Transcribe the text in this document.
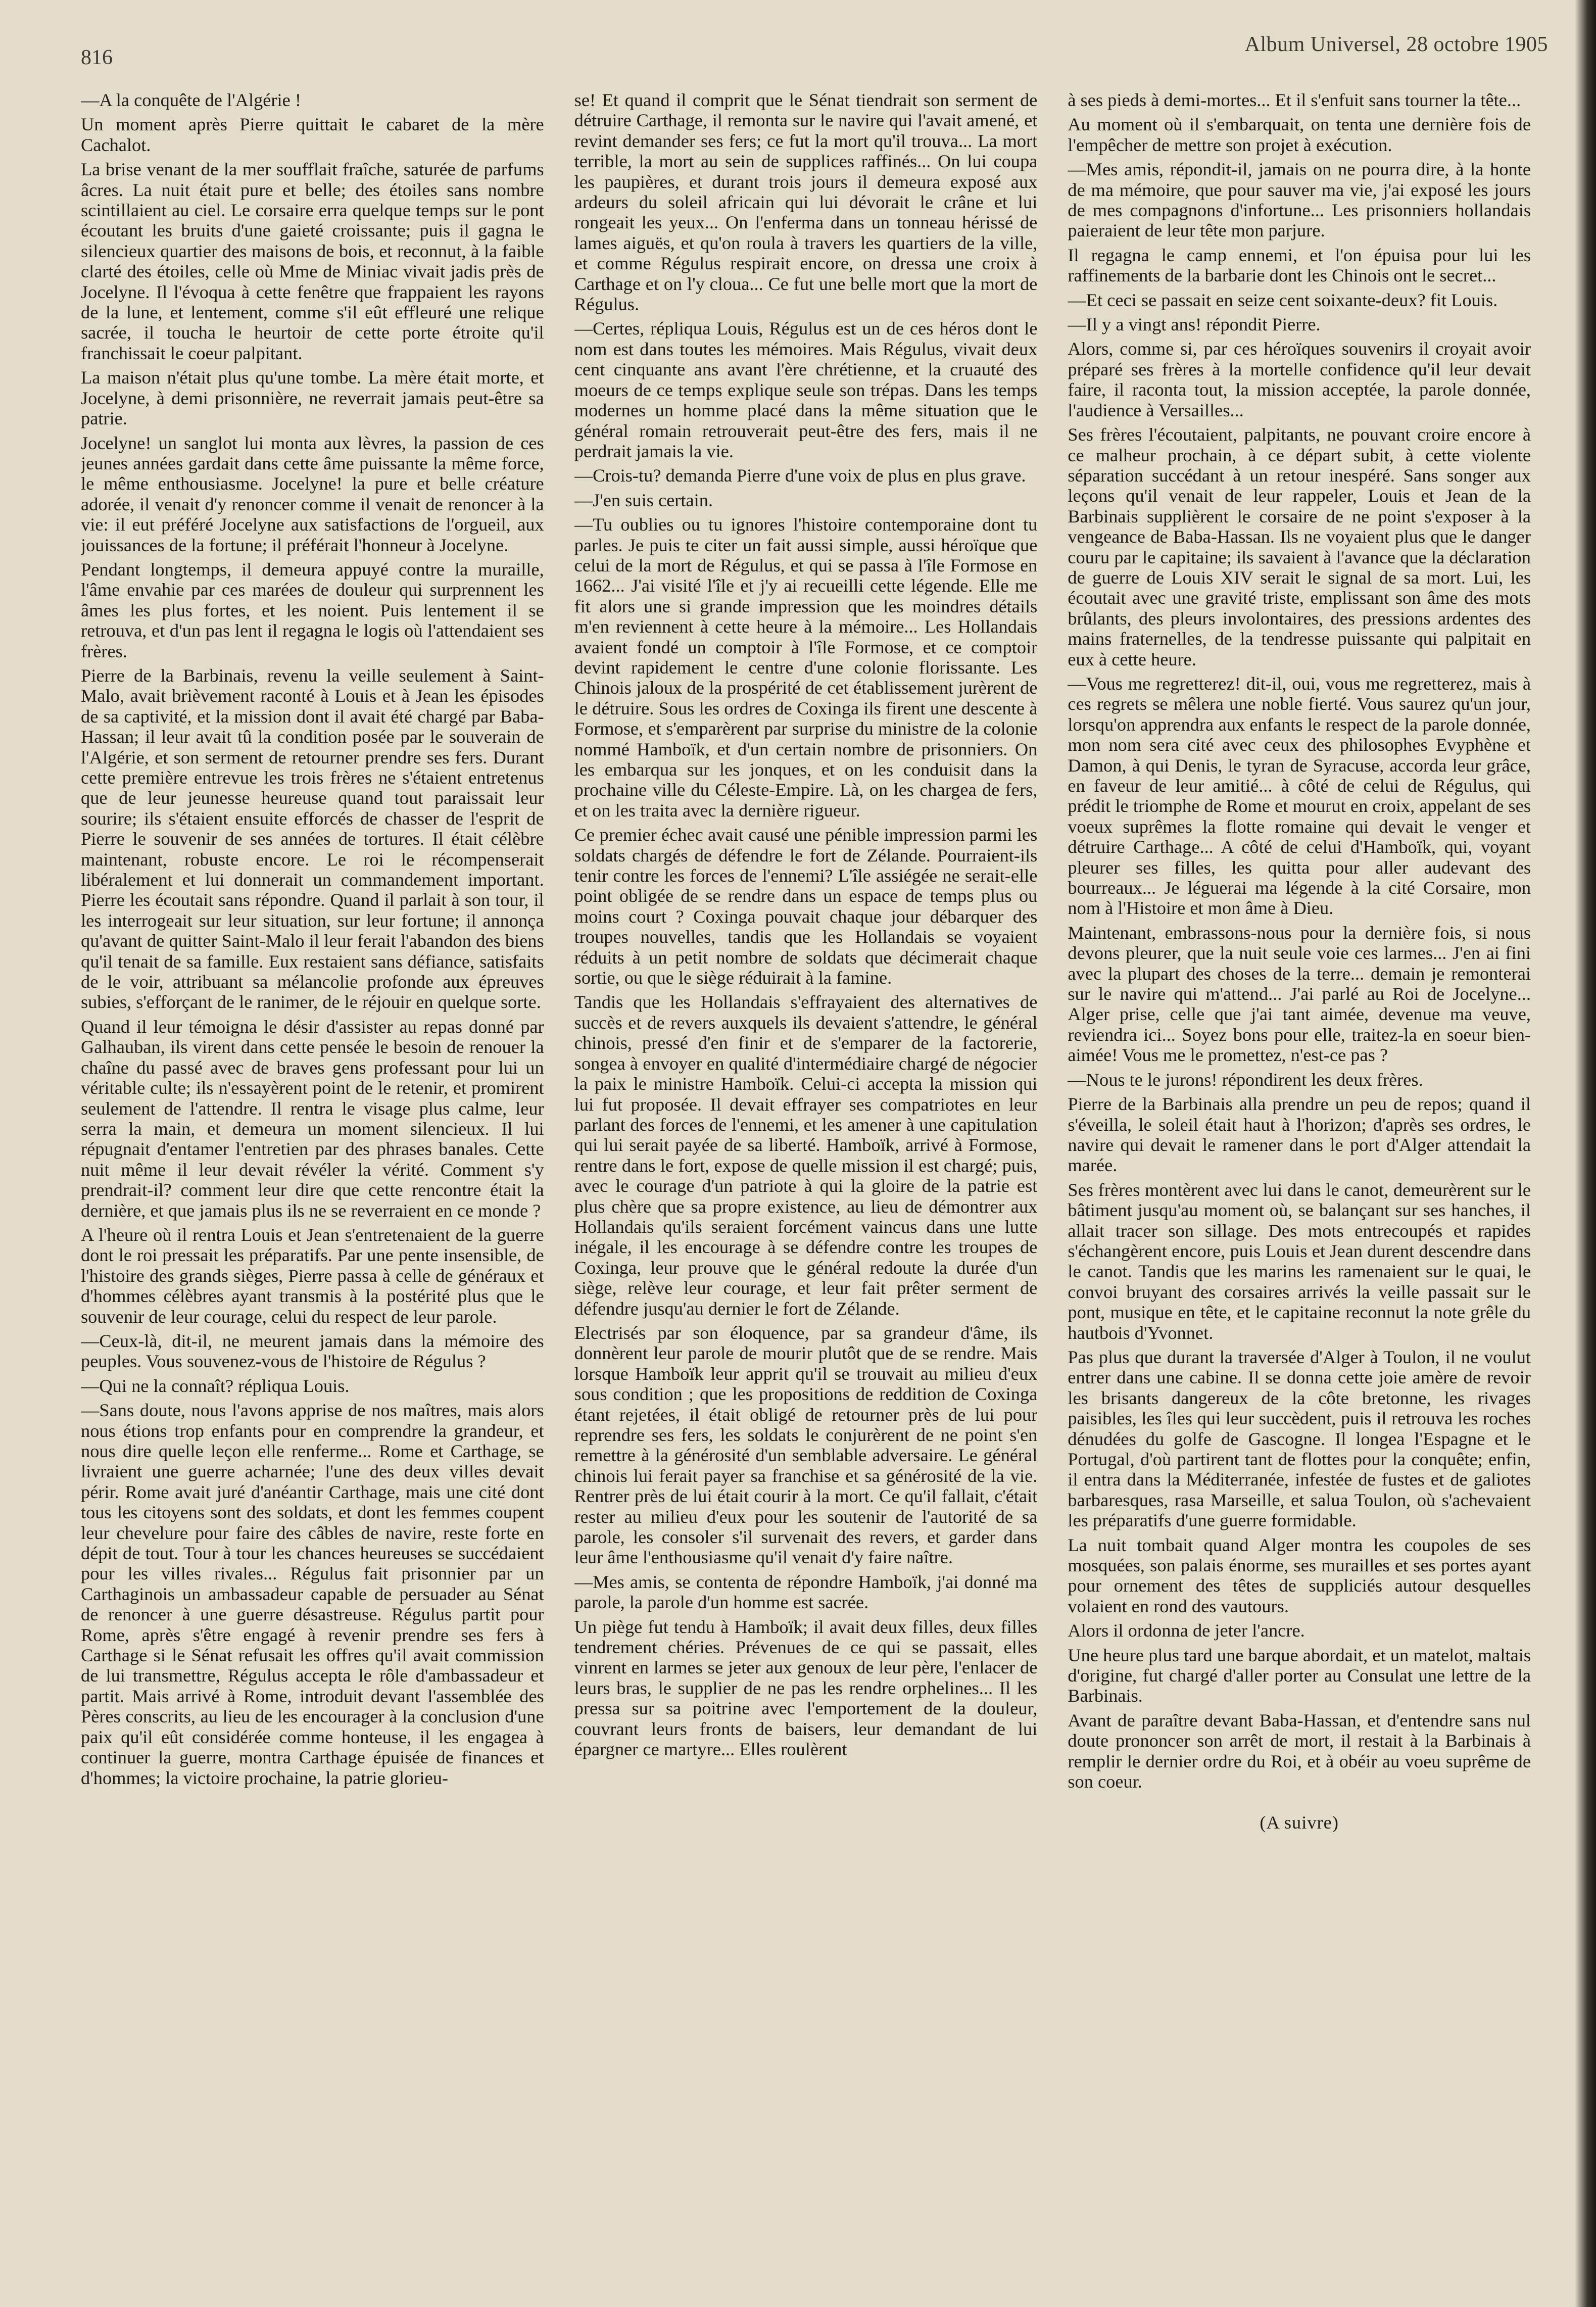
816
Album Universel, 28 octobre 1905

—A la conquête de l'Algérie !

Un moment après Pierre quittait le cabaret de la mère Cachalot.

La brise venant de la mer soufflait fraîche, saturée de parfums âcres. La nuit était pure et belle; des étoiles sans nombre scintillaient au ciel. Le corsaire erra quelque temps sur le pont écoutant les bruits d'une gaieté croissante; puis il gagna le silencieux quartier des maisons de bois, et reconnut, à la faible clarté des étoiles, celle où Mme de Miniac vivait jadis près de Jocelyne. Il l'évoqua à cette fenêtre que frappaient les rayons de la lune, et lentement, comme s'il eût effleuré une relique sacrée, il toucha le heurtoir de cette porte étroite qu'il franchissait le coeur palpitant.

La maison n'était plus qu'une tombe. La mère était morte, et Jocelyne, à demi prisonnière, ne reverrait jamais peut-être sa patrie.

Jocelyne! un sanglot lui monta aux lèvres, la passion de ces jeunes années gardait dans cette âme puissante la même force, le même enthousiasme. Jocelyne! la pure et belle créature adorée, il venait d'y renoncer comme il venait de renoncer à la vie: il eut préféré Jocelyne aux satisfactions de l'orgueil, aux jouissances de la fortune; il préférait l'honneur à Jocelyne.

Pendant longtemps, il demeura appuyé contre la muraille, l'âme envahie par ces marées de douleur qui surprennent les âmes les plus fortes, et les noient. Puis lentement il se retrouva, et d'un pas lent il regagna le logis où l'attendaient ses frères.

Pierre de la Barbinais, revenu la veille seulement à Saint-Malo, avait brièvement raconté à Louis et à Jean les épisodes de sa captivité, et la mission dont il avait été chargé par Baba-Hassan; il leur avait tû la condition posée par le souverain de l'Algérie, et son serment de retourner prendre ses fers. Durant cette première entrevue les trois frères ne s'étaient entretenus que de leur jeunesse heureuse quand tout paraissait leur sourire; ils s'étaient ensuite efforcés de chasser de l'esprit de Pierre le souvenir de ses années de tortures. Il était célèbre maintenant, robuste encore. Le roi le récompenserait libéralement et lui donnerait un commandement important. Pierre les écoutait sans répondre. Quand il parlait à son tour, il les interrogeait sur leur situation, sur leur fortune; il annonça qu'avant de quitter Saint-Malo il leur ferait l'abandon des biens qu'il tenait de sa famille. Eux restaient sans défiance, satisfaits de le voir, attribuant sa mélancolie profonde aux épreuves subies, s'efforçant de le ranimer, de le réjouir en quelque sorte.

Quand il leur témoigna le désir d'assister au repas donné par Galhauban, ils virent dans cette pensée le besoin de renouer la chaîne du passé avec de braves gens professant pour lui un véritable culte; ils n'essayèrent point de le retenir, et promirent seulement de l'attendre. Il rentra le visage plus calme, leur serra la main, et demeura un moment silencieux. Il lui répugnait d'entamer l'entretien par des phrases banales. Cette nuit même il leur devait révéler la vérité. Comment s'y prendrait-il? comment leur dire que cette rencontre était la dernière, et que jamais plus ils ne se reverraient en ce monde ?

A l'heure où il rentra Louis et Jean s'entretenaient de la guerre dont le roi pressait les préparatifs. Par une pente insensible, de l'histoire des grands sièges, Pierre passa à celle de généraux et d'hommes célèbres ayant transmis à la postérité plus que le souvenir de leur courage, celui du respect de leur parole.

—Ceux-là, dit-il, ne meurent jamais dans la mémoire des peuples. Vous souvenez-vous de l'histoire de Régulus ?

—Qui ne la connaît? répliqua Louis.

—Sans doute, nous l'avons apprise de nos maîtres, mais alors nous étions trop enfants pour en comprendre la grandeur, et nous dire quelle leçon elle renferme... Rome et Carthage, se livraient une guerre acharnée; l'une des deux villes devait périr. Rome avait juré d'anéantir Carthage, mais une cité dont tous les citoyens sont des soldats, et dont les femmes coupent leur chevelure pour faire des câbles de navire, reste forte en dépit de tout. Tour à tour les chances heureuses se succédaient pour les villes rivales... Régulus fait prisonnier par un Carthaginois un ambassadeur capable de persuader au Sénat de renoncer à une guerre désastreuse. Régulus partit pour Rome, après s'être engagé à revenir prendre ses fers à Carthage si le Sénat refusait les offres qu'il avait commission de lui transmettre, Régulus accepta le rôle d'ambassadeur et partit. Mais arrivé à Rome, introduit devant l'assemblée des Pères conscrits, au lieu de les encourager à la conclusion d'une paix qu'il eût considérée comme honteuse, il les engagea à continuer la guerre, montra Carthage épuisée de finances et d'hommes; la victoire prochaine, la patrie glorieu-

se! Et quand il comprit que le Sénat tiendrait son serment de détruire Carthage, il remonta sur le navire qui l'avait amené, et revint demander ses fers; ce fut la mort qu'il trouva... La mort terrible, la mort au sein de supplices raffinés... On lui coupa les paupières, et durant trois jours il demeura exposé aux ardeurs du soleil africain qui lui dévorait le crâne et lui rongeait les yeux... On l'enferma dans un tonneau hérissé de lames aiguës, et qu'on roula à travers les quartiers de la ville, et comme Régulus respirait encore, on dressa une croix à Carthage et on l'y cloua... Ce fut une belle mort que la mort de Régulus.

—Certes, répliqua Louis, Régulus est un de ces héros dont le nom est dans toutes les mémoires. Mais Régulus, vivait deux cent cinquante ans avant l'ère chrétienne, et la cruauté des moeurs de ce temps explique seule son trépas. Dans les temps modernes un homme placé dans la même situation que le général romain retrouverait peut-être des fers, mais il ne perdrait jamais la vie.

—Crois-tu? demanda Pierre d'une voix de plus en plus grave.

—J'en suis certain.

—Tu oublies ou tu ignores l'histoire contemporaine dont tu parles. Je puis te citer un fait aussi simple, aussi héroïque que celui de la mort de Régulus, et qui se passa à l'île Formose en 1662... J'ai visité l'île et j'y ai recueilli cette légende. Elle me fit alors une si grande impression que les moindres détails m'en reviennent à cette heure à la mémoire... Les Hollandais avaient fondé un comptoir à l'île Formose, et ce comptoir devint rapidement le centre d'une colonie florissante. Les Chinois jaloux de la prospérité de cet établissement jurèrent de le détruire. Sous les ordres de Coxinga ils firent une descente à Formose, et s'emparèrent par surprise du ministre de la colonie nommé Hamboïk, et d'un certain nombre de prisonniers. On les embarqua sur les jonques, et on les conduisit dans la prochaine ville du Céleste-Empire. Là, on les chargea de fers, et on les traita avec la dernière rigueur.

Ce premier échec avait causé une pénible impression parmi les soldats chargés de défendre le fort de Zélande. Pourraient-ils tenir contre les forces de l'ennemi? L'île assiégée ne serait-elle point obligée de se rendre dans un espace de temps plus ou moins court ? Coxinga pouvait chaque jour débarquer des troupes nouvelles, tandis que les Hollandais se voyaient réduits à un petit nombre de soldats que décimerait chaque sortie, ou que le siège réduirait à la famine.

Tandis que les Hollandais s'effrayaient des alternatives de succès et de revers auxquels ils devaient s'attendre, le général chinois, pressé d'en finir et de s'emparer de la factorerie, songea à envoyer en qualité d'intermédiaire chargé de négocier la paix le ministre Hamboïk. Celui-ci accepta la mission qui lui fut proposée. Il devait effrayer ses compatriotes en leur parlant des forces de l'ennemi, et les amener à une capitulation qui lui serait payée de sa liberté. Hamboïk, arrivé à Formose, rentre dans le fort, expose de quelle mission il est chargé; puis, avec le courage d'un patriote à qui la gloire de la patrie est plus chère que sa propre existence, au lieu de démontrer aux Hollandais qu'ils seraient forcément vaincus dans une lutte inégale, il les encourage à se défendre contre les troupes de Coxinga, leur prouve que le général redoute la durée d'un siège, relève leur courage, et leur fait prêter serment de défendre jusqu'au dernier le fort de Zélande.

Electrisés par son éloquence, par sa grandeur d'âme, ils donnèrent leur parole de mourir plutôt que de se rendre. Mais lorsque Hamboïk leur apprit qu'il se trouvait au milieu d'eux sous condition ; que les propositions de reddition de Coxinga étant rejetées, il était obligé de retourner près de lui pour reprendre ses fers, les soldats le conjurèrent de ne point s'en remettre à la générosité d'un semblable adversaire. Le général chinois lui ferait payer sa franchise et sa générosité de la vie. Rentrer près de lui était courir à la mort. Ce qu'il fallait, c'était rester au milieu d'eux pour les soutenir de l'autorité de sa parole, les consoler s'il survenait des revers, et garder dans leur âme l'enthousiasme qu'il venait d'y faire naître.

—Mes amis, se contenta de répondre Hamboïk, j'ai donné ma parole, la parole d'un homme est sacrée.

Un piège fut tendu à Hamboïk; il avait deux filles, deux filles tendrement chéries. Prévenues de ce qui se passait, elles vinrent en larmes se jeter aux genoux de leur père, l'enlacer de leurs bras, le supplier de ne pas les rendre orphelines... Il les pressa sur sa poitrine avec l'emportement de la douleur, couvrant leurs fronts de baisers, leur demandant de lui épargner ce martyre... Elles roulèrent

à ses pieds à demi-mortes... Et il s'enfuit sans tourner la tête...

Au moment où il s'embarquait, on tenta une dernière fois de l'empêcher de mettre son projet à exécution.

—Mes amis, répondit-il, jamais on ne pourra dire, à la honte de ma mémoire, que pour sauver ma vie, j'ai exposé les jours de mes compagnons d'infortune... Les prisonniers hollandais paieraient de leur tête mon parjure.

Il regagna le camp ennemi, et l'on épuisa pour lui les raffinements de la barbarie dont les Chinois ont le secret...

—Et ceci se passait en seize cent soixante-deux? fit Louis.

—Il y a vingt ans! répondit Pierre.

Alors, comme si, par ces héroïques souvenirs il croyait avoir préparé ses frères à la mortelle confidence qu'il leur devait faire, il raconta tout, la mission acceptée, la parole donnée, l'audience à Versailles...

Ses frères l'écoutaient, palpitants, ne pouvant croire encore à ce malheur prochain, à ce départ subit, à cette violente séparation succédant à un retour inespéré. Sans songer aux leçons qu'il venait de leur rappeler, Louis et Jean de la Barbinais supplièrent le corsaire de ne point s'exposer à la vengeance de Baba-Hassan. Ils ne voyaient plus que le danger couru par le capitaine; ils savaient à l'avance que la déclaration de guerre de Louis XIV serait le signal de sa mort. Lui, les écoutait avec une gravité triste, emplissant son âme des mots brûlants, des pleurs involontaires, des pressions ardentes des mains fraternelles, de la tendresse puissante qui palpitait en eux à cette heure.

—Vous me regretterez! dit-il, oui, vous me regretterez, mais à ces regrets se mêlera une noble fierté. Vous saurez qu'un jour, lorsqu'on apprendra aux enfants le respect de la parole donnée, mon nom sera cité avec ceux des philosophes Evyphène et Damon, à qui Denis, le tyran de Syracuse, accorda leur grâce, en faveur de leur amitié... à côté de celui de Régulus, qui prédit le triomphe de Rome et mourut en croix, appelant de ses voeux suprêmes la flotte romaine qui devait le venger et détruire Carthage... A côté de celui d'Hamboïk, qui, voyant pleurer ses filles, les quitta pour aller audevant des bourreaux... Je léguerai ma légende à la cité Corsaire, mon nom à l'Histoire et mon âme à Dieu.

Maintenant, embrassons-nous pour la dernière fois, si nous devons pleurer, que la nuit seule voie ces larmes... J'en ai fini avec la plupart des choses de la terre... demain je remonterai sur le navire qui m'attend... J'ai parlé au Roi de Jocelyne... Alger prise, celle que j'ai tant aimée, devenue ma veuve, reviendra ici... Soyez bons pour elle, traitez-la en soeur bien-aimée! Vous me le promettez, n'est-ce pas ?

—Nous te le jurons! répondirent les deux frères.

Pierre de la Barbinais alla prendre un peu de repos; quand il s'éveilla, le soleil était haut à l'horizon; d'après ses ordres, le navire qui devait le ramener dans le port d'Alger attendait la marée.

Ses frères montèrent avec lui dans le canot, demeurèrent sur le bâtiment jusqu'au moment où, se balançant sur ses hanches, il allait tracer son sillage. Des mots entrecoupés et rapides s'échangèrent encore, puis Louis et Jean durent descendre dans le canot. Tandis que les marins les ramenaient sur le quai, le convoi bruyant des corsaires arrivés la veille passait sur le pont, musique en tête, et le capitaine reconnut la note grêle du hautbois d'Yvonnet.

Pas plus que durant la traversée d'Alger à Toulon, il ne voulut entrer dans une cabine. Il se donna cette joie amère de revoir les brisants dangereux de la côte bretonne, les rivages paisibles, les îles qui leur succèdent, puis il retrouva les roches dénudées du golfe de Gascogne. Il longea l'Espagne et le Portugal, d'où partirent tant de flottes pour la conquête; enfin, il entra dans la Méditerranée, infestée de fustes et de galiotes barbaresques, rasa Marseille, et salua Toulon, où s'achevaient les préparatifs d'une guerre formidable.

La nuit tombait quand Alger montra les coupoles de ses mosquées, son palais énorme, ses murailles et ses portes ayant pour ornement des têtes de suppliciés autour desquelles volaient en rond des vautours.

Alors il ordonna de jeter l'ancre.

Une heure plus tard une barque abordait, et un matelot, maltais d'origine, fut chargé d'aller porter au Consulat une lettre de la Barbinais.

Avant de paraître devant Baba-Hassan, et d'entendre sans nul doute prononcer son arrêt de mort, il restait à la Barbinais à remplir le dernier ordre du Roi, et à obéir au voeu suprême de son coeur.

(A suivre)
